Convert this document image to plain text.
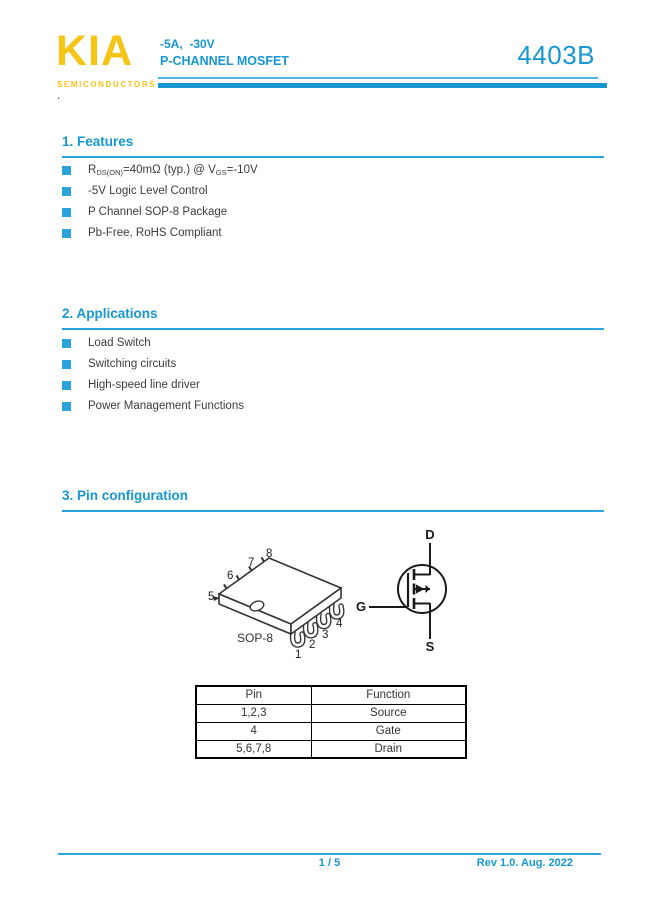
KIA
SEMICONDUCTORS
-5A,  -30V
P-CHANNEL MOSFET	4403B
.
1. Features
$R_{DS(ON)}=40m\Omega$ (typ.) @ $V_{GS}=-10V$
-5V Logic Level Control
P Channel SOP-8 Package
Pb-Free, RoHS Compliant
2. Applications
Load Switch
Switching circuits
High-speed line driver
Power Management Functions
3. Pin configuration
5
6
7
8
1
2
3
4
SOP-8
D
G
S
Pin	Function
1,2,3	Source
4	Gate
5,6,7,8	Drain
1 / 5	Rev 1.0. Aug. 2022
